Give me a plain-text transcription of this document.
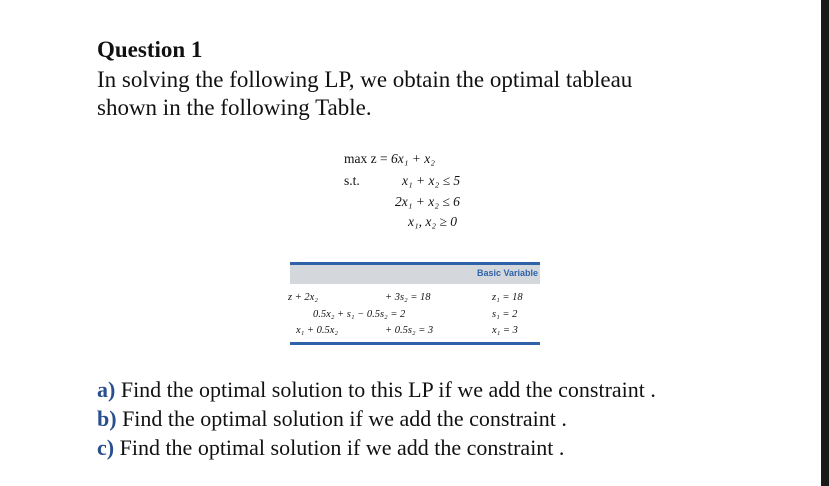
Question 1
In solving the following LP, we obtain the optimal tableau
shown in the following Table.
max z = 6x₁ + x₂
s.t.	x₁ + x₂ ≤ 5
2x₁ + x₂ ≤ 6
x₁, x₂ ≥ 0
Basic Variable
z + 2x₂	+ 3s₂ = 18	z₁ = 18
0.5x₂ + s₁ − 0.5s₂ = 2	s₁ = 2
x₁ + 0.5x₂	+ 0.5s₂ = 3	x₁ = 3
a) Find the optimal solution to this LP if we add the constraint .
b) Find the optimal solution if we add the constraint .
c) Find the optimal solution if we add the constraint .
